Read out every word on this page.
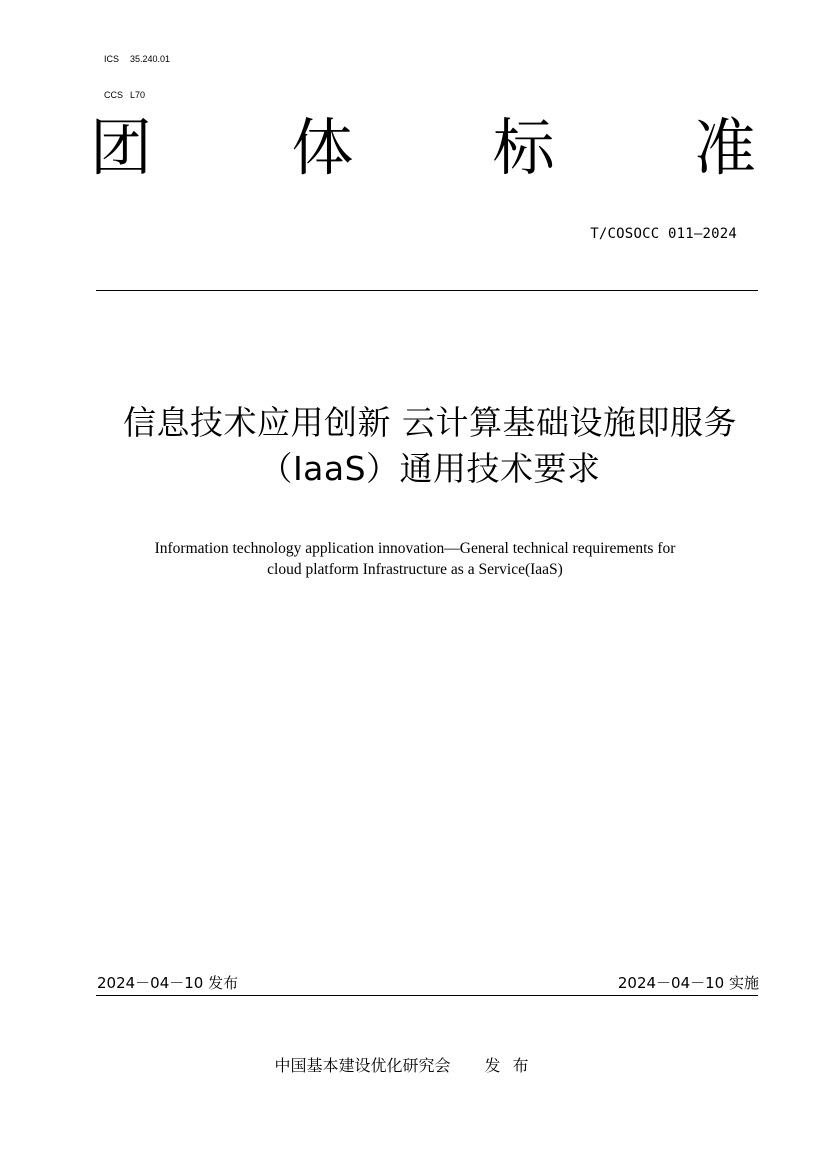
ICS 35.240.01

CCS L70

团 体 标 准
T/COSOCC 011—2024
信息技术应用创新 云计算基础设施即服务
（IaaS）通用技术要求
Information technology application innovation—General technical requirements for
cloud platform Infrastructure as a Service(IaaS)
2024－04－10 发布	2024－04－10 实施
中国基本建设优化研究会 发布
